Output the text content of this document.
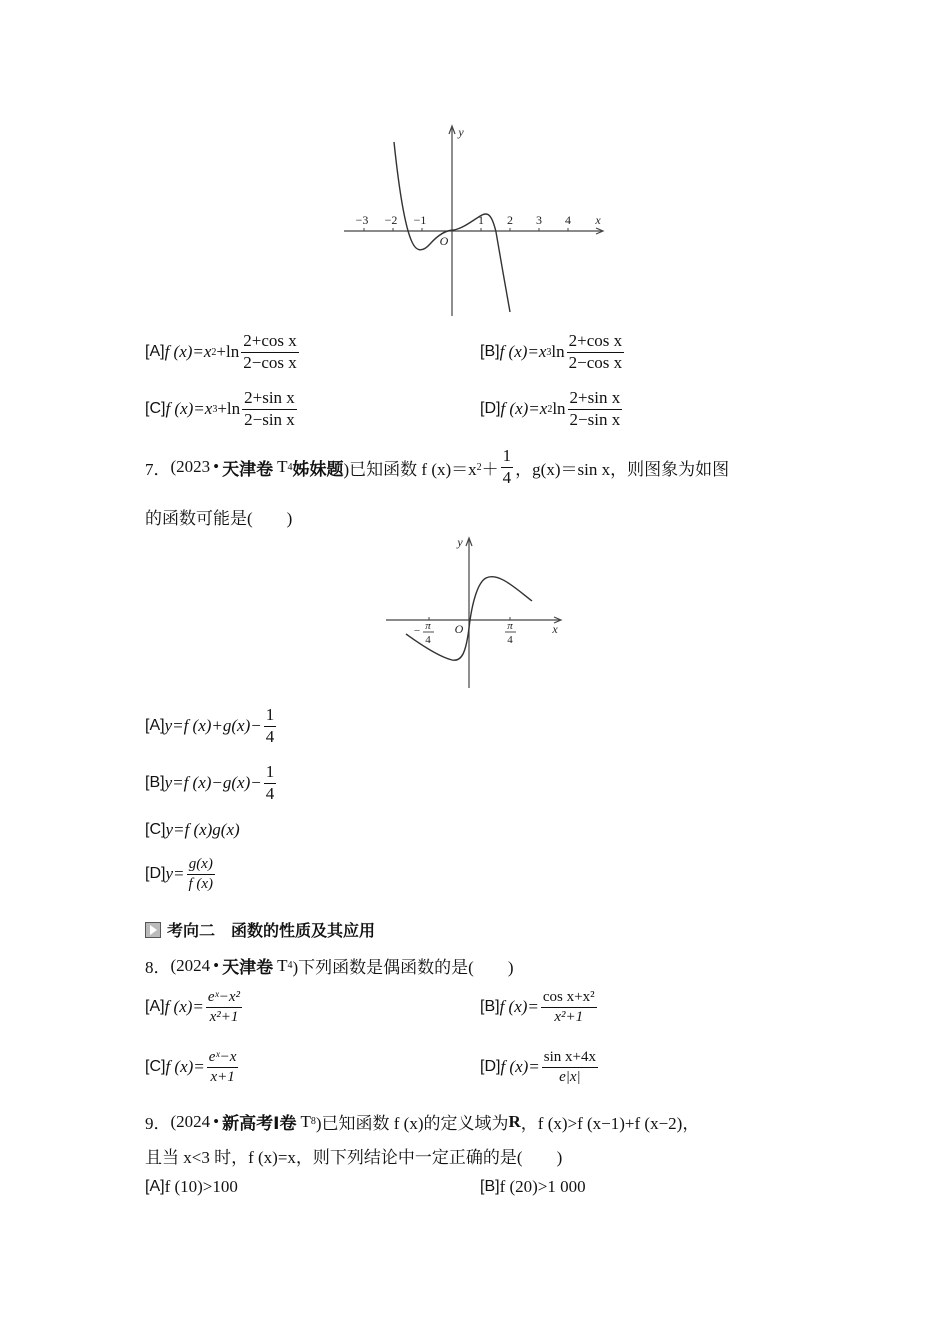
−3 −2 −1	1 2 3 4
O
x
y
[A] f (x)= x $2 +\ln \frac{\text{2+cos x}}{\text{2−cos x}}$	[B] f (x)= x 3 $\ln \frac{\text{2+cos x}}{\text{2−cos x}}$
[C] f (x)= x $3 +\ln \frac{\text{2+sin x}}{\text{2−sin x}}$	[D] f (x)= x 2 $\ln \frac{\text{2+sin x}}{\text{2−sin x}}$
7． (2023 • 天津卷 T 4 姊妹题 )已知函数 f (x)＝x $2 + \frac{1}{4}$ ，g(x)＝sin x，则图象为如图
的函数可能是(　　)
− π
4
π
4
O	x
y
[A] y=f $(x)+g(x)- \frac{1}{4}$
[B] y=f $(x)-g(x)- \frac{1}{4}$
[C] y=f (x)g(x)
[D] $y= \frac{g(x)}{f (x)}$
考向二　函数的性质及其应用
8． (2024 • 天津卷 T 4 )下列函数是偶函数的是(　　)
[A] f $(x)= \frac{\text{eˣ−x²}}{\text{x²+1}}$	[B] f $(x)= \frac{\text{cos x+x²}}{\text{x²+1}}$
[C] f $(x)= \frac{\text{eˣ−x}}{x+1}$	[D] f $(x)= \frac{\text{sin x+4x}}{e|x|}$
9． (2024 • 新高考Ⅰ卷 T 8 )已知函数 f (x)的定义域为 R ，f (x)>f (x−1)+f (x−2)，
且当 x<3 时，f (x)=x，则下列结论中一定正确的是(　　)
[A] f (10)>100	[B] f (20)>1 000
